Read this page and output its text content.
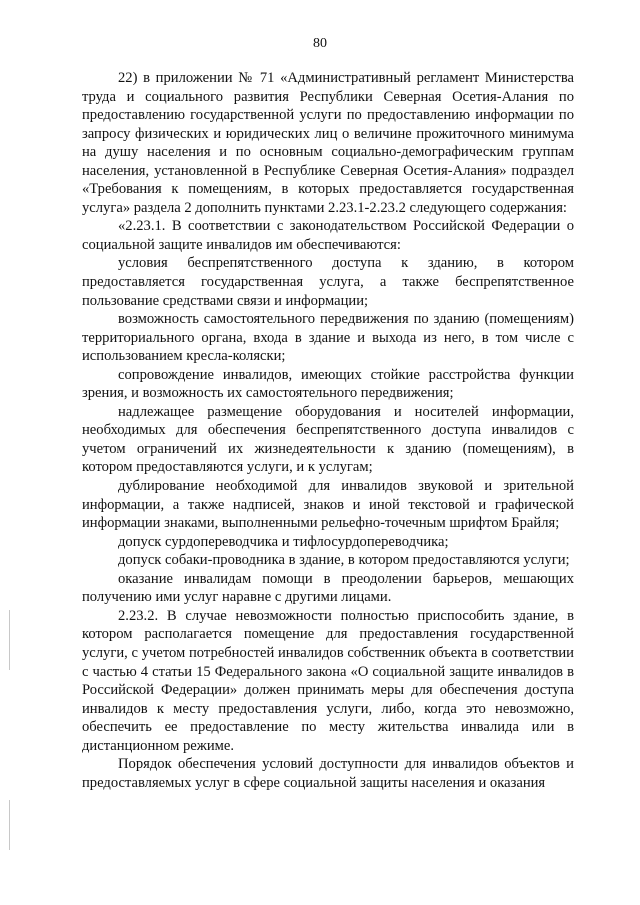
80

22) в приложении № 71 «Административный регламент Министерства труда и социального развития Республики Северная Осетия-Алания по предоставлению государственной услуги по предоставлению информации по запросу физических и юридических лиц о величине прожиточного минимума на душу населения и по основным социально-демографическим группам населения, установленной в Республике Северная Осетия-Алания» подраздел «Требования к помещениям, в которых предоставляется государственная услуга» раздела 2 дополнить пунктами 2.23.1-2.23.2 следующего содержания:

«2.23.1. В соответствии с законодательством Российской Федерации о социальной защите инвалидов им обеспечиваются:

условия беспрепятственного доступа к зданию, в котором предоставляется государственная услуга, а также беспрепятственное пользование средствами связи и информации;

возможность самостоятельного передвижения по зданию (помещениям) территориального органа, входа в здание и выхода из него, в том числе с использованием кресла-коляски;

сопровождение инвалидов, имеющих стойкие расстройства функции зрения, и возможность их самостоятельного передвижения;

надлежащее размещение оборудования и носителей информации, необходимых для обеспечения беспрепятственного доступа инвалидов с учетом ограничений их жизнедеятельности к зданию (помещениям), в котором предоставляются услуги, и к услугам;

дублирование необходимой для инвалидов звуковой и зрительной информации, а также надписей, знаков и иной текстовой и графической информации знаками, выполненными рельефно-точечным шрифтом Брайля;

допуск сурдопереводчика и тифлосурдопереводчика;

допуск собаки-проводника в здание, в котором предоставляются услуги;

оказание инвалидам помощи в преодолении барьеров, мешающих получению ими услуг наравне с другими лицами.

2.23.2. В случае невозможности полностью приспособить здание, в котором располагается помещение для предоставления государственной услуги, с учетом потребностей инвалидов собственник объекта в соответствии с частью 4 статьи 15 Федерального закона «О социальной защите инвалидов в Российской Федерации» должен принимать меры для обеспечения доступа инвалидов к месту предоставления услуги, либо, когда это невозможно, обеспечить ее предоставление по месту жительства инвалида или в дистанционном режиме.

Порядок обеспечения условий доступности для инвалидов объектов и предоставляемых услуг в сфере социальной защиты населения и оказания
